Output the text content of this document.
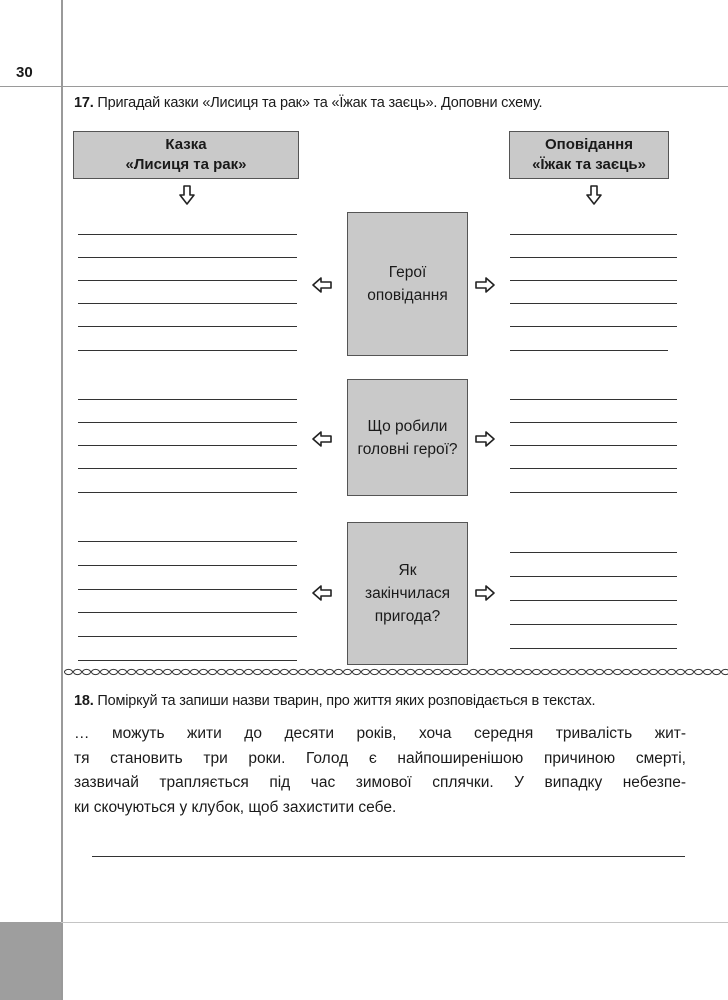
30
17. Пригадай казки «Лисиця та рак» та «Їжак та заєць». Доповни схему.
Казка
«Лисиця та рак»
Оповідання
«Їжак та заєць»
Герої оповідання
Що робили головні герої?
Як закінчилася пригода?
18. Поміркуй та запиши назви тварин, про життя яких розповідається в текстах.
… можуть жити до десяти років, хоча середня тривалість жит-
тя становить три роки. Голод є найпоширенішою причиною смерті,
зазвичай трапляється під час зимової сплячки. У випадку небезпе-
ки скочуються у клубок, щоб захистити себе.
